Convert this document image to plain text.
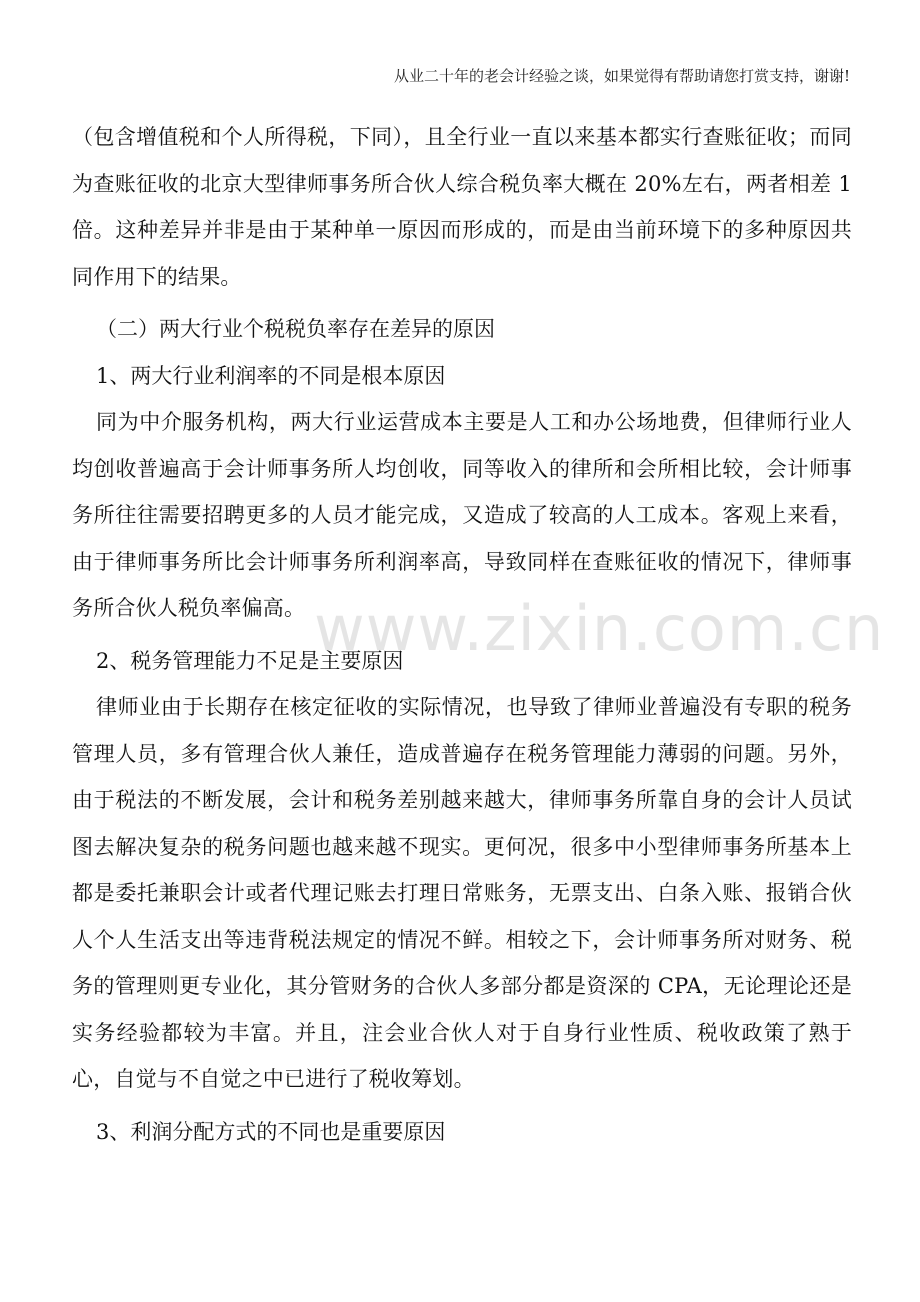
从业二十年的老会计经验之谈，如果觉得有帮助请您打赏支持，谢谢!

（包含增值税和个人所得税，下同），且全行业一直以来基本都实行查账征收；而同为查账征收的北京大型律师事务所合伙人综合税负率大概在 20%左右，两者相差 1 倍。这种差异并非是由于某种单一原因而形成的，而是由当前环境下的多种原因共同作用下的结果。

（二）两大行业个税税负率存在差异的原因

1、两大行业利润率的不同是根本原因

同为中介服务机构，两大行业运营成本主要是人工和办公场地费，但律师行业人均创收普遍高于会计师事务所人均创收，同等收入的律所和会所相比较，会计师事务所往往需要招聘更多的人员才能完成，又造成了较高的人工成本。客观上来看，由于律师事务所比会计师事务所利润率高，导致同样在查账征收的情况下，律师事务所合伙人税负率偏高。

2、税务管理能力不足是主要原因

律师业由于长期存在核定征收的实际情况，也导致了律师业普遍没有专职的税务管理人员，多有管理合伙人兼任，造成普遍存在税务管理能力薄弱的问题。另外，由于税法的不断发展，会计和税务差别越来越大，律师事务所靠自身的会计人员试图去解决复杂的税务问题也越来越不现实。更何况，很多中小型律师事务所基本上都是委托兼职会计或者代理记账去打理日常账务，无票支出、白条入账、报销合伙人个人生活支出等违背税法规定的情况不鲜。相较之下，会计师事务所对财务、税务的管理则更专业化，其分管财务的合伙人多部分都是资深的 CPA，无论理论还是实务经验都较为丰富。并且，注会业合伙人对于自身行业性质、税收政策了熟于心，自觉与不自觉之中已进行了税收筹划。

3、利润分配方式的不同也是重要原因

www.zixin.com.cn
